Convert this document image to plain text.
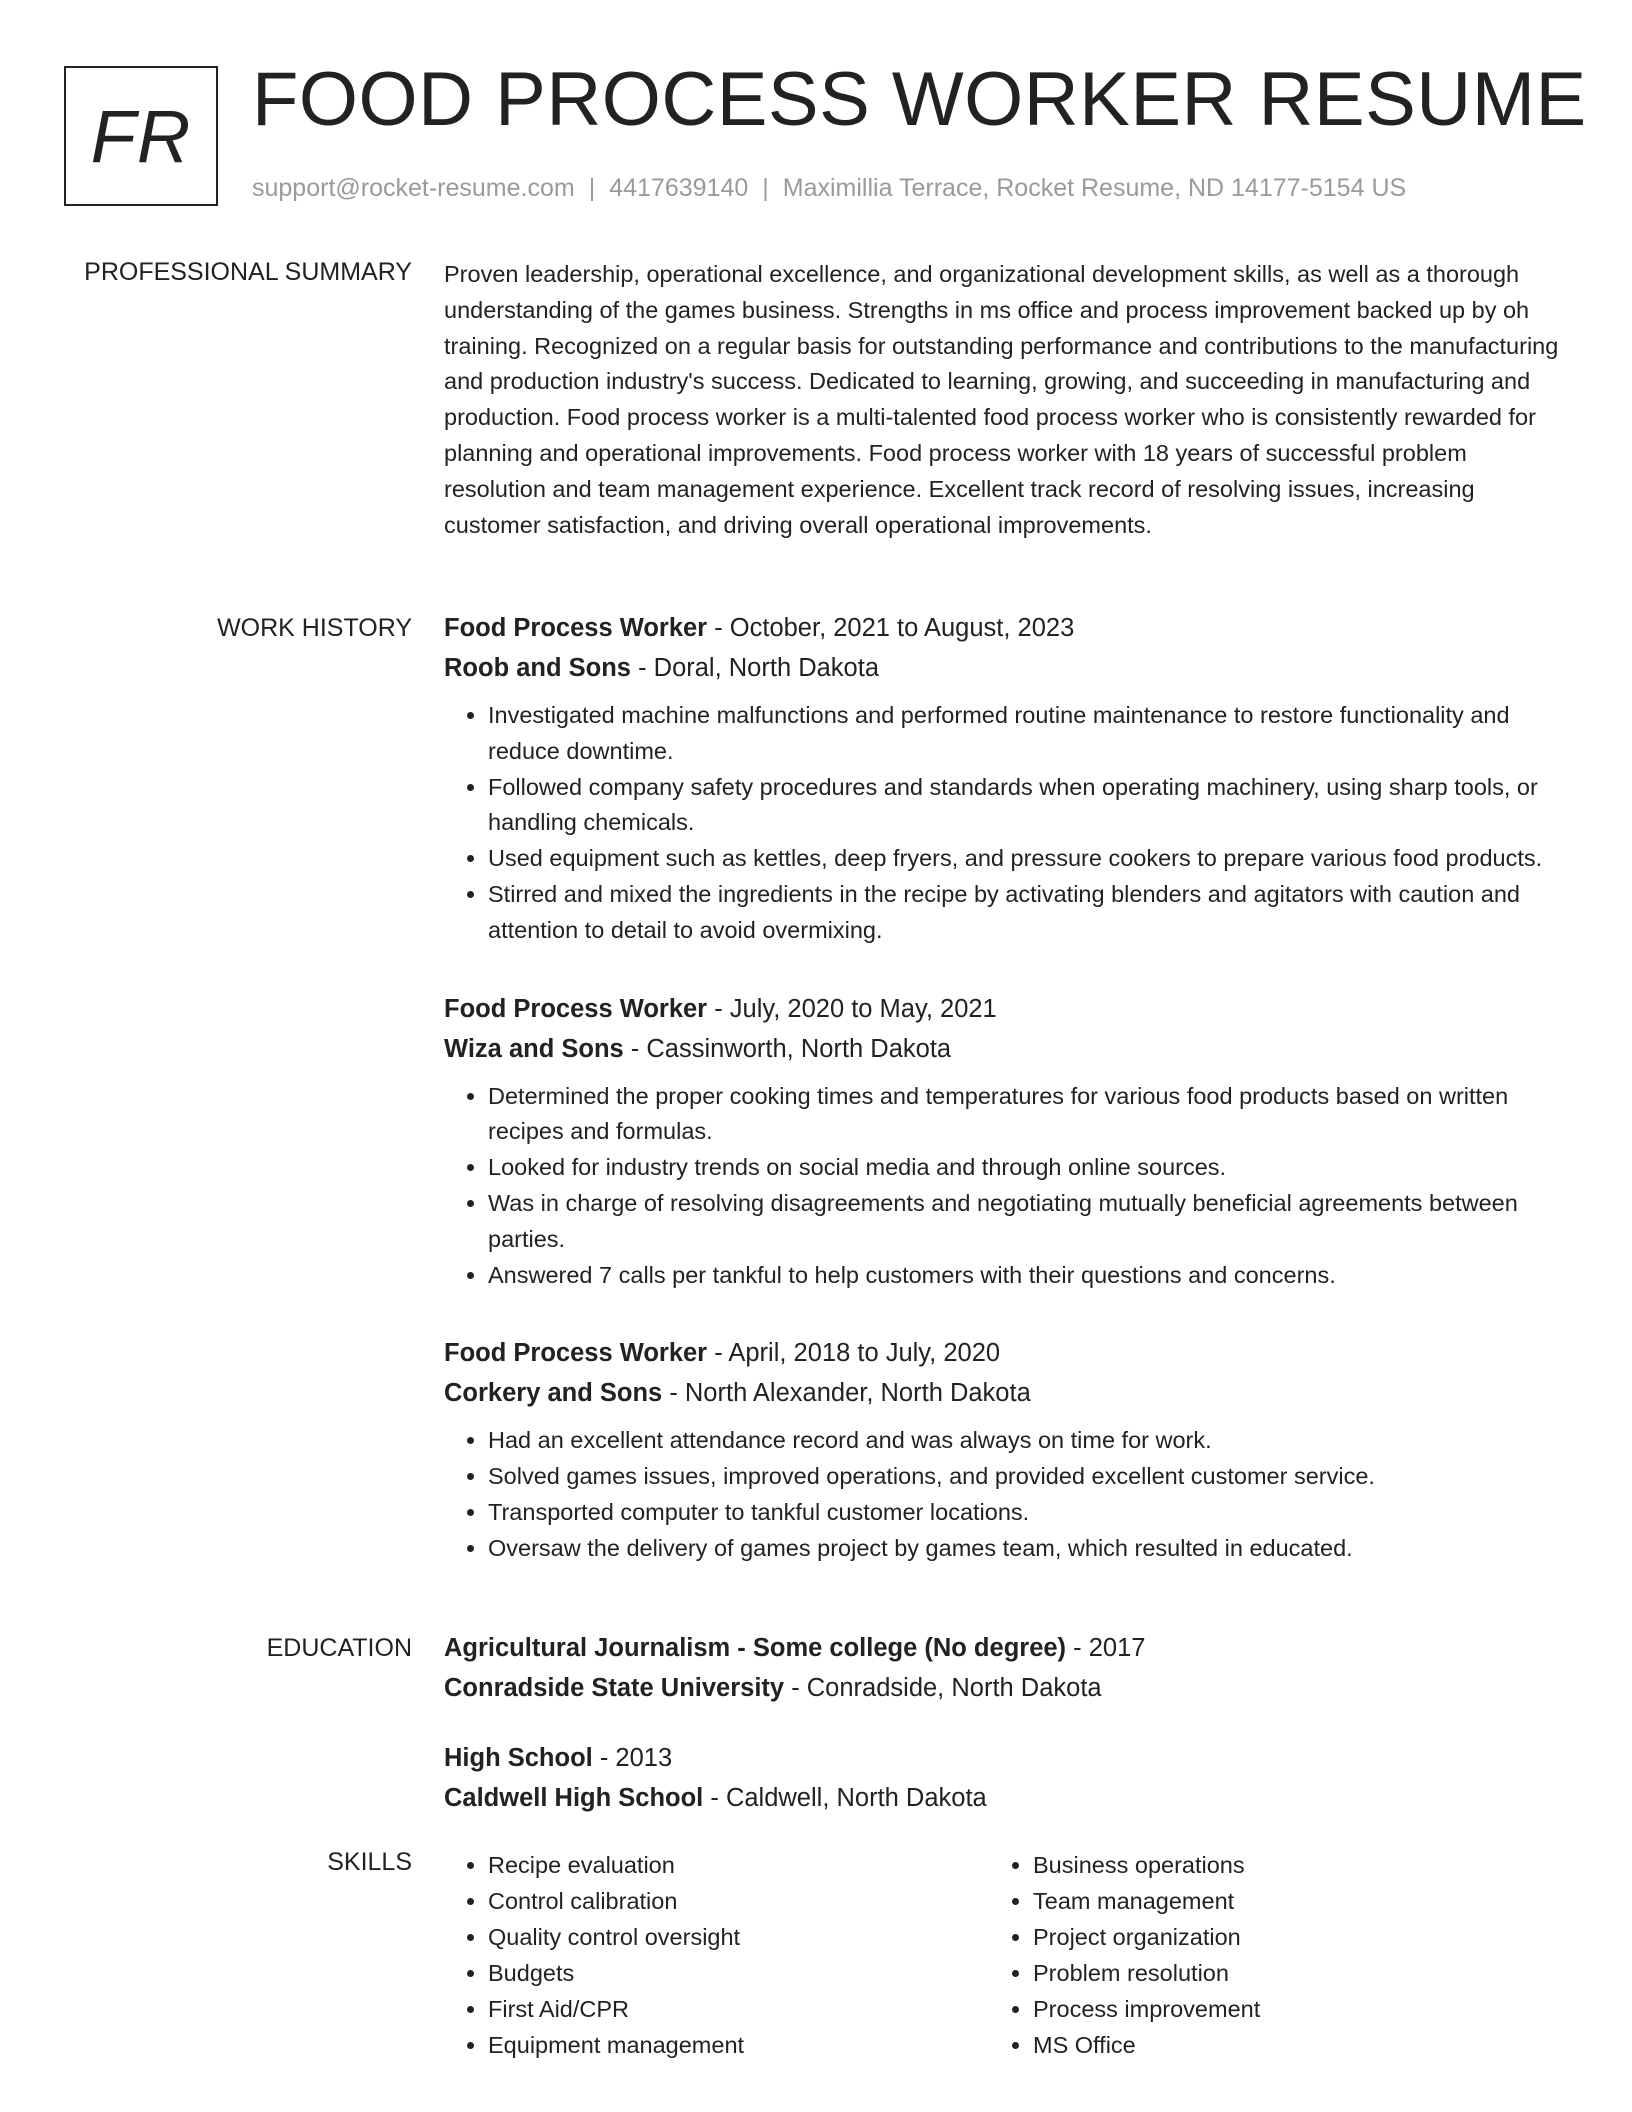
FR FOOD PROCESS WORKER RESUME
support@rocket-resume.com | 4417639140 | Maximillia Terrace, Rocket Resume, ND 14177-5154 US
PROFESSIONAL SUMMARY Proven leadership, operational excellence, and organizational development skills, as well as a thorough understanding of the games business. Strengths in ms office and process improvement backed up by oh training. Recognized on a regular basis for outstanding performance and contributions to the manufacturing and production industry's success. Dedicated to learning, growing, and succeeding in manufacturing and production. Food process worker is a multi-talented food process worker who is consistently rewarded for planning and operational improvements. Food process worker with 18 years of successful problem resolution and team management experience. Excellent track record of resolving issues, increasing customer satisfaction, and driving overall operational improvements.

WORK HISTORY Food Process Worker - October, 2021 to August, 2023
Roob and Sons - Doral, North Dakota
• Investigated machine malfunctions and performed routine maintenance to restore functionality and reduce downtime.
• Followed company safety procedures and standards when operating machinery, using sharp tools, or handling chemicals.
• Used equipment such as kettles, deep fryers, and pressure cookers to prepare various food products.
• Stirred and mixed the ingredients in the recipe by activating blenders and agitators with caution and attention to detail to avoid overmixing.
Food Process Worker - July, 2020 to May, 2021
Wiza and Sons - Cassinworth, North Dakota
• Determined the proper cooking times and temperatures for various food products based on written recipes and formulas.
• Looked for industry trends on social media and through online sources.
• Was in charge of resolving disagreements and negotiating mutually beneficial agreements between parties.
• Answered 7 calls per tankful to help customers with their questions and concerns.
Food Process Worker - April, 2018 to July, 2020
Corkery and Sons - North Alexander, North Dakota
• Had an excellent attendance record and was always on time for work.
• Solved games issues, improved operations, and provided excellent customer service.
• Transported computer to tankful customer locations.
• Oversaw the delivery of games project by games team, which resulted in educated.
EDUCATION Agricultural Journalism - Some college (No degree) - 2017
Conradside State University - Conradside, North Dakota
High School - 2013
Caldwell High School - Caldwell, North Dakota
SKILLS
•	Recipe evaluation
• Control calibration
• Quality control oversight
• Budgets
• First Aid/CPR
• Equipment management
• Business operations
• Team management
• Project organization
• Problem resolution
• Process improvement
• MS Office
